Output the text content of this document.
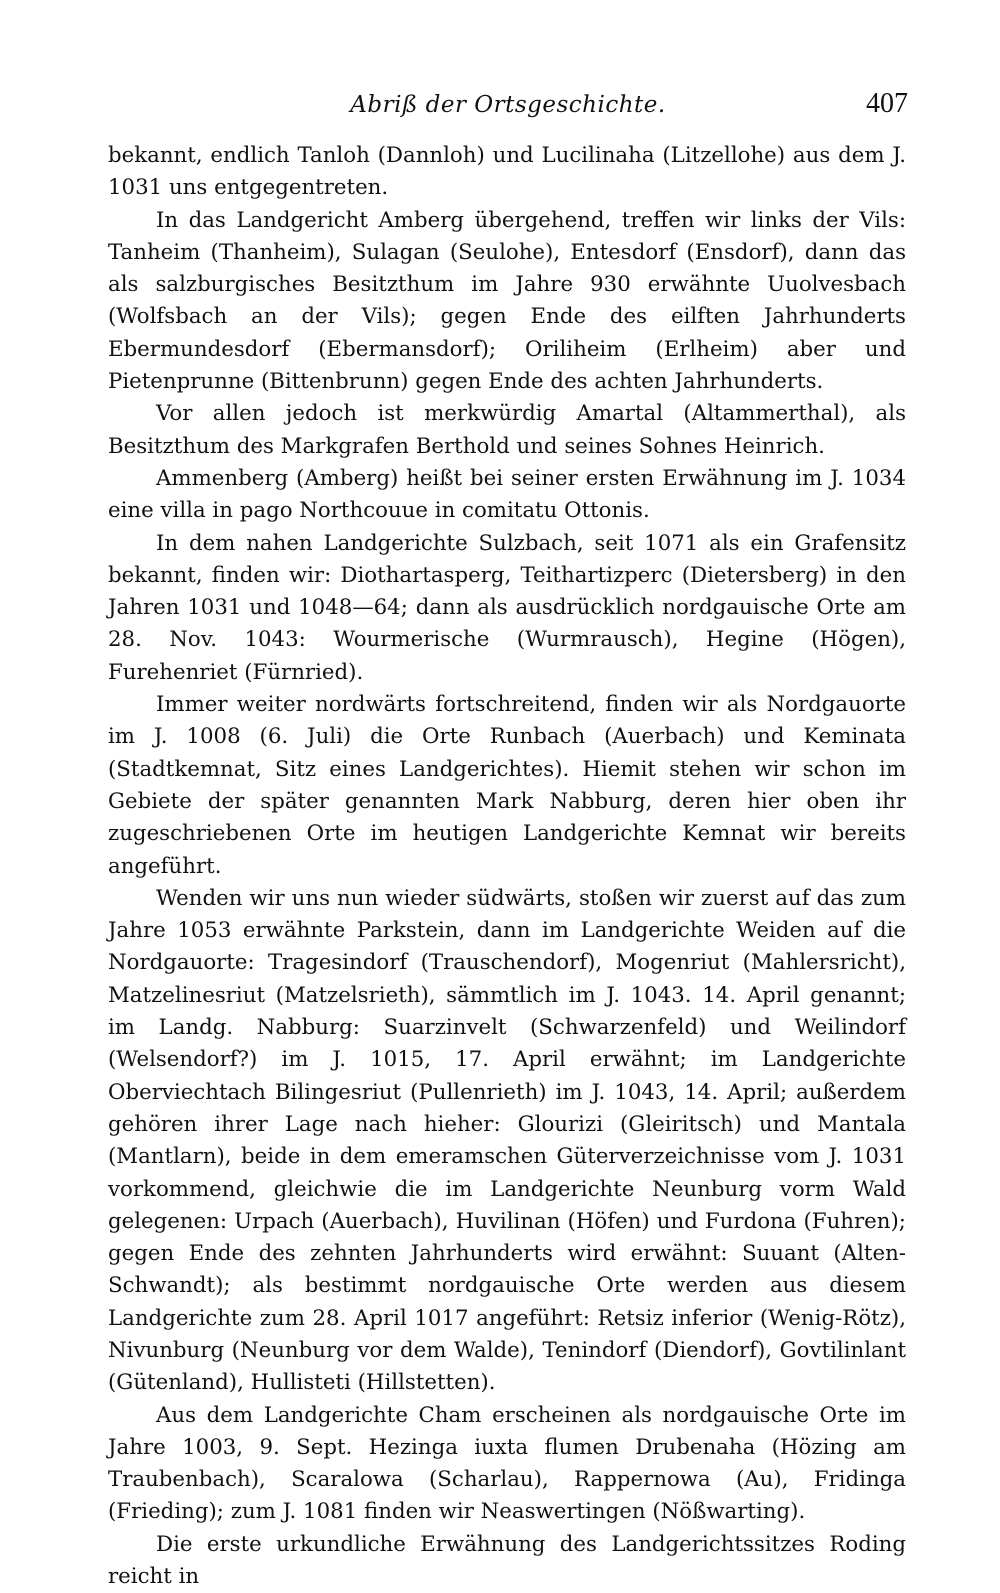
Abriß der Ortsgeschichte.	407

bekannt, endlich Tanloh (Dannloh) und Lucilinaha (Litzellohe) aus dem J. 1031 uns entgegentreten.

In das Landgericht Amberg übergehend, treffen wir links der Vils: Tanheim (Thanheim), Sulagan (Seulohe), Entesdorf (Ensdorf), dann das als salzburgisches Besitzthum im Jahre 930 erwähnte Uuolvesbach (Wolfsbach an der Vils); gegen Ende des eilften Jahrhunderts Ebermundesdorf (Ebermansdorf); Oriliheim (Erlheim) aber und Pietenprunne (Bittenbrunn) gegen Ende des achten Jahrhunderts.

Vor allen jedoch ist merkwürdig Amartal (Altammerthal), als Besitzthum des Markgrafen Berthold und seines Sohnes Heinrich.

Ammenberg (Amberg) heißt bei seiner ersten Erwähnung im J. 1034 eine villa in pago Northcouue in comitatu Ottonis.

In dem nahen Landgerichte Sulzbach, seit 1071 als ein Grafensitz bekannt, finden wir: Diothartasperg, Teithartizperc (Dietersberg) in den Jahren 1031 und 1048—64; dann als ausdrücklich nordgauische Orte am 28. Nov. 1043: Wourmerische (Wurmrausch), Hegine (Högen), Furehenriet (Fürnried).

Immer weiter nordwärts fortschreitend, finden wir als Nordgauorte im J. 1008 (6. Juli) die Orte Runbach (Auerbach) und Keminata (Stadtkemnat, Sitz eines Landgerichtes). Hiemit stehen wir schon im Gebiete der später genannten Mark Nabburg, deren hier oben ihr zugeschriebenen Orte im heutigen Landgerichte Kemnat wir bereits angeführt.

Wenden wir uns nun wieder südwärts, stoßen wir zuerst auf das zum Jahre 1053 erwähnte Parkstein, dann im Landgerichte Weiden auf die Nordgauorte: Tragesindorf (Trauschendorf), Mogenriut (Mahlersricht), Matzelinesriut (Matzelsrieth), sämmtlich im J. 1043. 14. April genannt; im Landg. Nabburg: Suarzinvelt (Schwarzenfeld) und Weilindorf (Welsendorf?) im J. 1015, 17. April erwähnt; im Landgerichte Oberviechtach Bilingesriut (Pullenrieth) im J. 1043, 14. April; außerdem gehören ihrer Lage nach hieher: Glourizi (Gleiritsch) und Mantala (Mantlarn), beide in dem emeramschen Güterverzeichnisse vom J. 1031 vorkommend, gleichwie die im Landgerichte Neunburg vorm Wald gelegenen: Urpach (Auerbach), Huvilinan (Höfen) und Furdona (Fuhren); gegen Ende des zehnten Jahrhunderts wird erwähnt: Suuant (Alten-Schwandt); als bestimmt nordgauische Orte werden aus diesem Landgerichte zum 28. April 1017 angeführt: Retsiz inferior (Wenig-Rötz), Nivunburg (Neunburg vor dem Walde), Tenindorf (Diendorf), Govtilinlant (Gütenland), Hullisteti (Hillstetten).

Aus dem Landgerichte Cham erscheinen als nordgauische Orte im Jahre 1003, 9. Sept. Hezinga iuxta flumen Drubenaha (Hözing am Traubenbach), Scaralowa (Scharlau), Rappernowa (Au), Fridinga (Frieding); zum J. 1081 finden wir Neaswertingen (Nößwarting).

Die erste urkundliche Erwähnung des Landgerichtssitzes Roding reicht in
